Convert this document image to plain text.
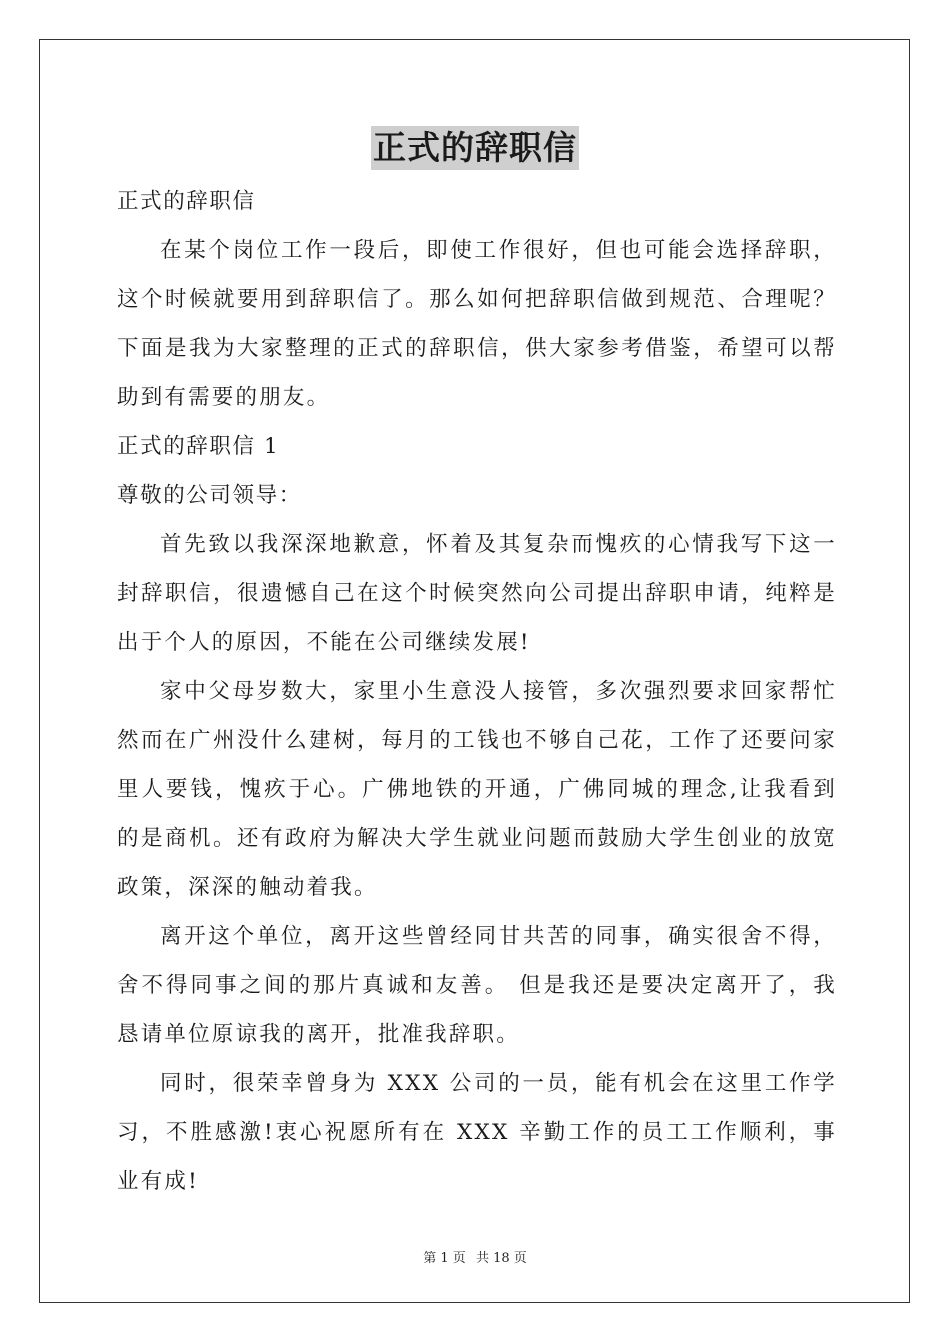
正式的辞职信

正式的辞职信

在某个岗位工作一段后，即使工作很好，但也可能会选择辞职，这个时候就要用到辞职信了。那么如何把辞职信做到规范、合理呢？下面是我为大家整理的正式的辞职信，供大家参考借鉴，希望可以帮助到有需要的朋友。

正式的辞职信 1

尊敬的公司领导：

首先致以我深深地歉意，怀着及其复杂而愧疚的心情我写下这一封辞职信，很遗憾自己在这个时候突然向公司提出辞职申请，纯粹是出于个人的原因，不能在公司继续发展!

家中父母岁数大，家里小生意没人接管，多次强烈要求回家帮忙然而在广州没什么建树，每月的工钱也不够自己花，工作了还要问家里人要钱，愧疚于心。广佛地铁的开通，广佛同城的理念,让我看到的是商机。还有政府为解决大学生就业问题而鼓励大学生创业的放宽政策，深深的触动着我。

离开这个单位，离开这些曾经同甘共苦的同事，确实很舍不得，舍不得同事之间的那片真诚和友善。 但是我还是要决定离开了，我恳请单位原谅我的离开，批准我辞职。

同时，很荣幸曾身为 XXX 公司的一员，能有机会在这里工作学习，不胜感激!衷心祝愿所有在 XXX 辛勤工作的员工工作顺利，事业有成!

第 1 页 共 18 页
